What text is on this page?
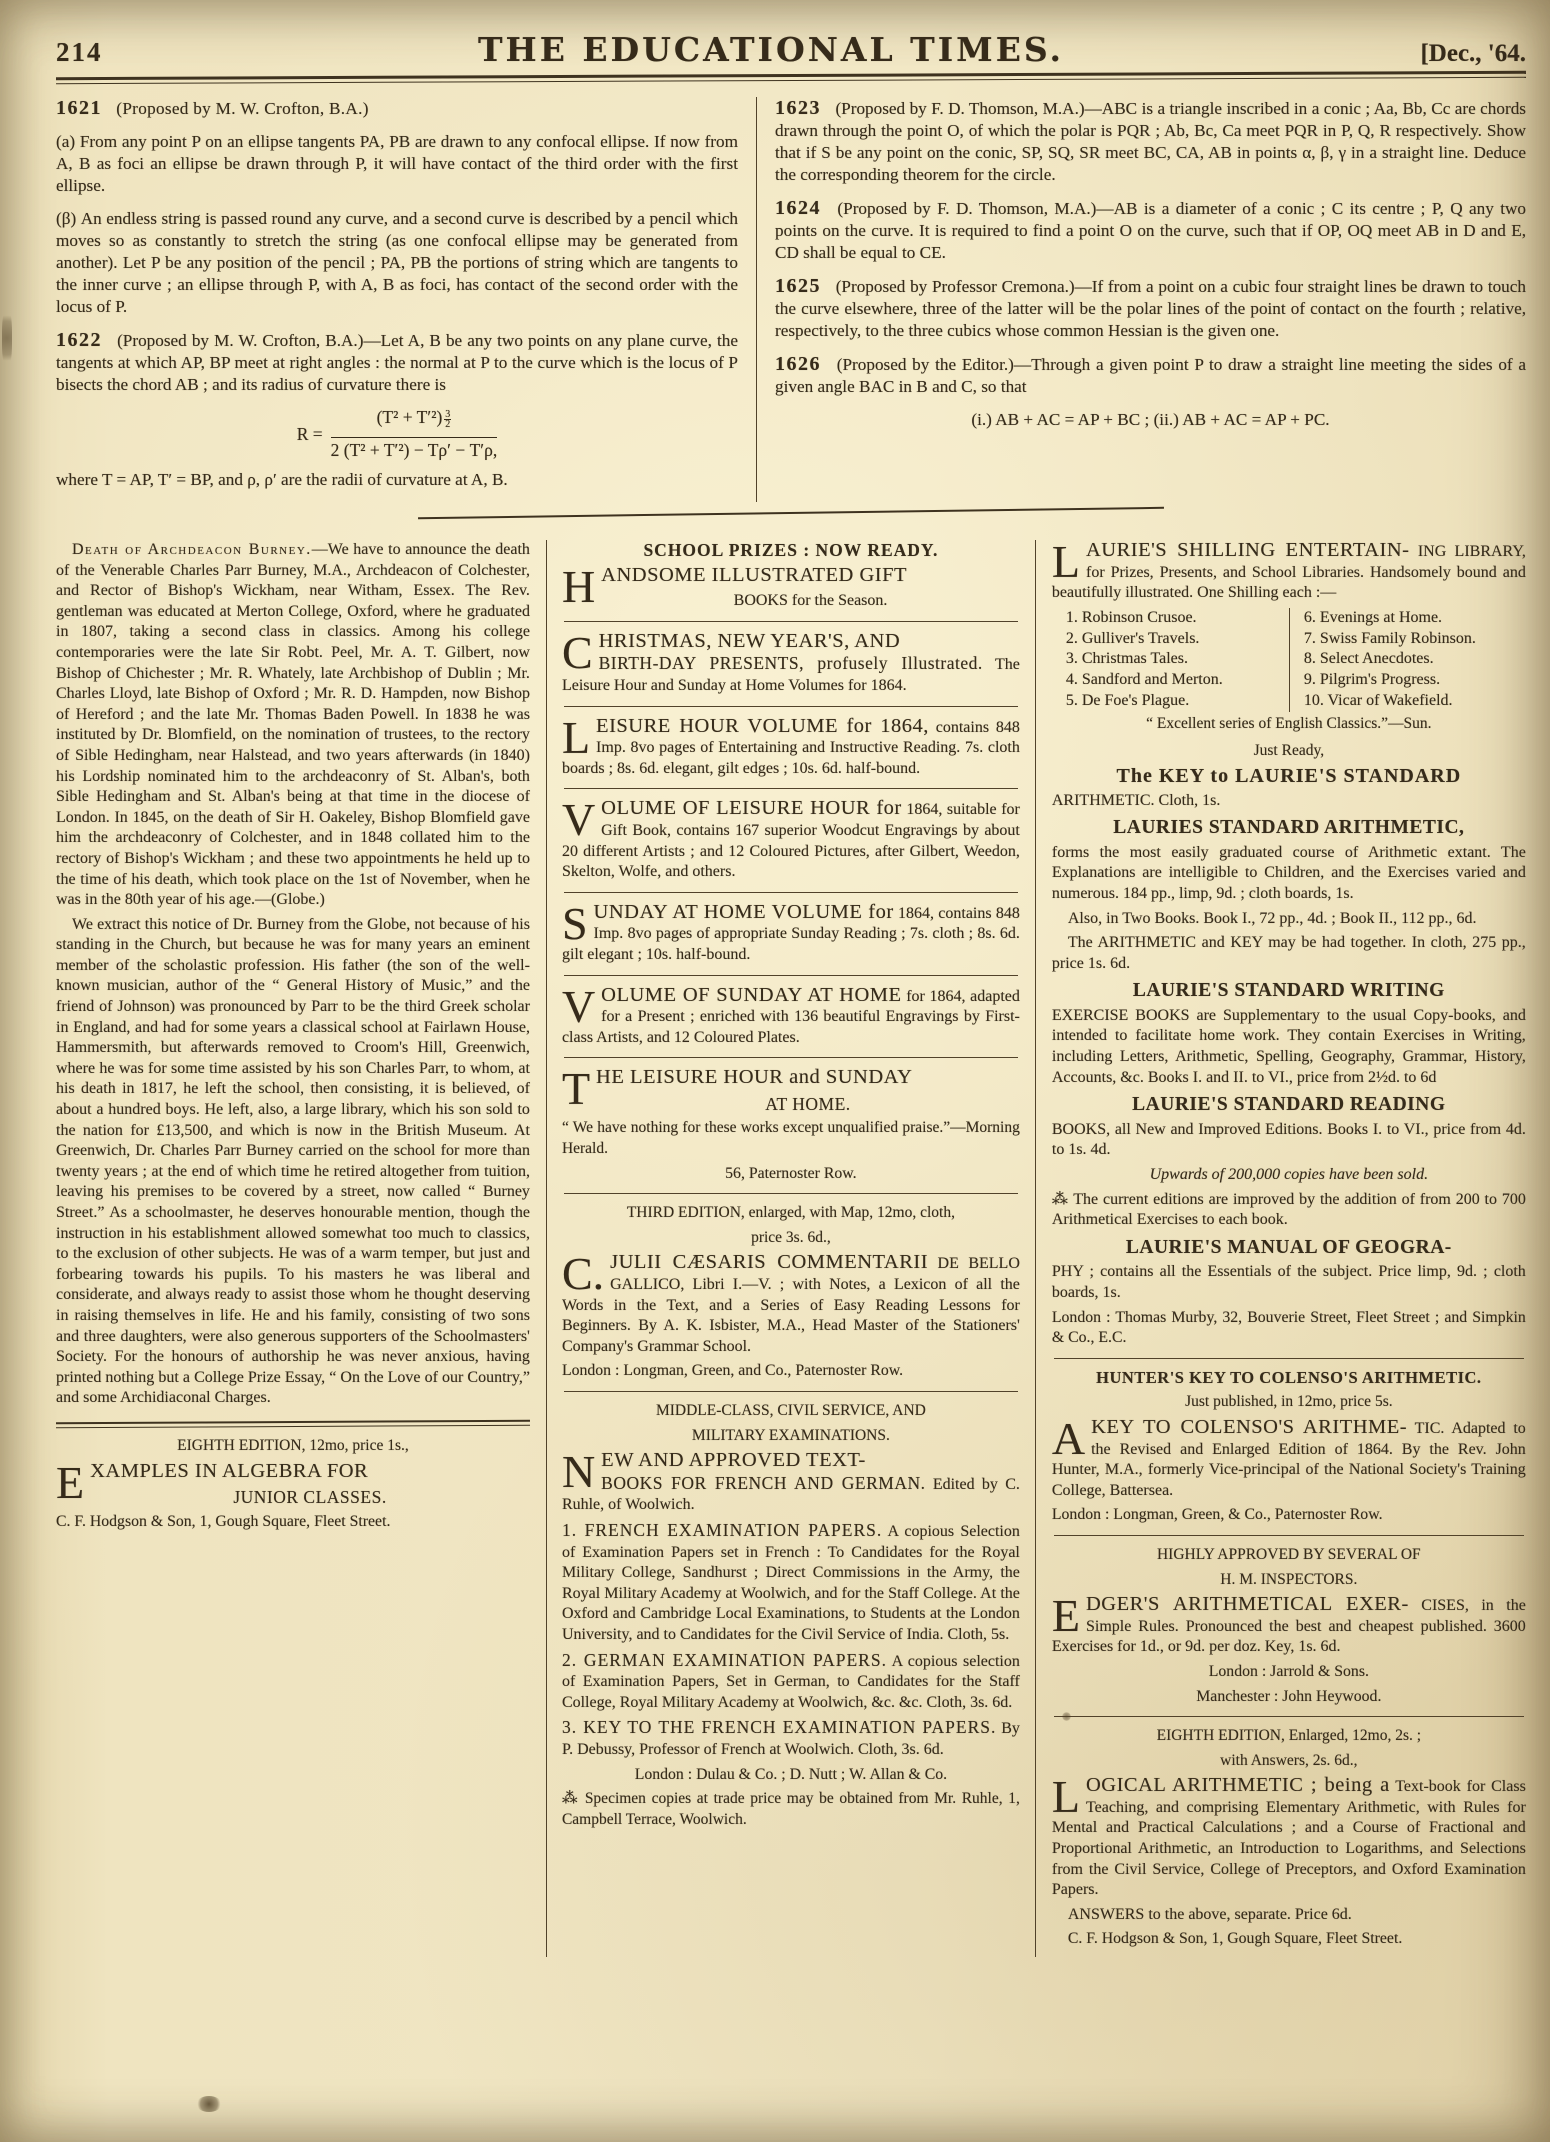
214	THE EDUCATIONAL TIMES.	[Dec., '64.

1621 (Proposed by M. W. Crofton, B.A.)

(a) From any point P on an ellipse tangents PA, PB are drawn to any confocal ellipse. If now from A, B as foci an ellipse be drawn through P, it will have contact of the third order with the first ellipse.

(β) An endless string is passed round any curve, and a second curve is described by a pencil which moves so as constantly to stretch the string (as one confocal ellipse may be generated from another). Let P be any position of the pencil ; PA, PB the portions of string which are tangents to the inner curve ; an ellipse through P, with A, B as foci, has contact of the second order with the locus of P.

1622 (Proposed by M. W. Crofton, B.A.)—Let A, B be any two points on any plane curve, the tangents at which AP, BP meet at right angles : the normal at P to the curve which is the locus of P bisects the chord AB ; and its radius of curvature there is

$R = \frac{(T^2 + T'^2) \frac{3}{2}}{\text{2 (T² + T′²) − Tρ′ − T′ρ,}}$

where T = AP, T′ = BP, and ρ, ρ′ are the radii of curvature at A, B.

1623 (Proposed by F. D. Thomson, M.A.)—ABC is a triangle inscribed in a conic ; Aa, Bb, Cc are chords drawn through the point O, of which the polar is PQR ; Ab, Bc, Ca meet PQR in P, Q, R respectively. Show that if S be any point on the conic, SP, SQ, SR meet BC, CA, AB in points α, β, γ in a straight line. Deduce the corresponding theorem for the circle.

1624 (Proposed by F. D. Thomson, M.A.)—AB is a diameter of a conic ; C its centre ; P, Q any two points on the curve. It is required to find a point O on the curve, such that if OP, OQ meet AB in D and E, CD shall be equal to CE.

1625 (Proposed by Professor Cremona.)—If from a point on a cubic four straight lines be drawn to touch the curve elsewhere, three of the latter will be the polar lines of the point of contact on the fourth ; relative, respectively, to the three cubics whose common Hessian is the given one.

1626 (Proposed by the Editor.)—Through a given point P to draw a straight line meeting the sides of a given angle BAC in B and C, so that

(i.) AB + AC = AP + BC ; (ii.) AB + AC = AP + PC.

Death of Archdeacon Burney.—We have to announce the death of the Venerable Charles Parr Burney, M.A., Archdeacon of Colchester, and Rector of Bishop's Wickham, near Witham, Essex. The Rev. gentleman was educated at Merton College, Oxford, where he graduated in 1807, taking a second class in classics. Among his college contemporaries were the late Sir Robt. Peel, Mr. A. T. Gilbert, now Bishop of Chichester ; Mr. R. Whately, late Archbishop of Dublin ; Mr. Charles Lloyd, late Bishop of Oxford ; Mr. R. D. Hampden, now Bishop of Hereford ; and the late Mr. Thomas Baden Powell. In 1838 he was instituted by Dr. Blomfield, on the nomination of trustees, to the rectory of Sible Hedingham, near Halstead, and two years afterwards (in 1840) his Lordship nominated him to the archdeaconry of St. Alban's, both Sible Hedingham and St. Alban's being at that time in the diocese of London. In 1845, on the death of Sir H. Oakeley, Bishop Blomfield gave him the archdeaconry of Colchester, and in 1848 collated him to the rectory of Bishop's Wickham ; and these two appointments he held up to the time of his death, which took place on the 1st of November, when he was in the 80th year of his age.—(Globe.)

We extract this notice of Dr. Burney from the Globe, not because of his standing in the Church, but because he was for many years an eminent member of the scholastic profession. His father (the son of the well-known musician, author of the “ General History of Music,” and the friend of Johnson) was pronounced by Parr to be the third Greek scholar in England, and had for some years a classical school at Fairlawn House, Hammersmith, but afterwards removed to Croom's Hill, Greenwich, where he was for some time assisted by his son Charles Parr, to whom, at his death in 1817, he left the school, then consisting, it is believed, of about a hundred boys. He left, also, a large library, which his son sold to the nation for £13,500, and which is now in the British Museum. At Greenwich, Dr. Charles Parr Burney carried on the school for more than twenty years ; at the end of which time he retired altogether from tuition, leaving his premises to be covered by a street, now called “ Burney Street.” As a schoolmaster, he deserves honourable mention, though the instruction in his establishment allowed somewhat too much to classics, to the exclusion of other subjects. He was of a warm temper, but just and forbearing towards his pupils. To his masters he was liberal and considerate, and always ready to assist those whom he thought deserving in raising themselves in life. He and his family, consisting of two sons and three daughters, were also generous supporters of the Schoolmasters' Society. For the honours of authorship he was never anxious, having printed nothing but a College Prize Essay, “ On the Love of our Country,” and some Archidiaconal Charges.

EIGHTH EDITION, 12mo, price 1s.,

E XAMPLES IN ALGEBRA FOR

JUNIOR CLASSES.

C. F. Hodgson & Son, 1, Gough Square, Fleet Street.

SCHOOL PRIZES : NOW READY.

H ANDSOME ILLUSTRATED GIFT

BOOKS for the Season.

C HRISTMAS, NEW YEAR'S, AND
BIRTH-DAY PRESENTS, profusely Illustrated. The Leisure Hour and Sunday at Home Volumes for 1864.

L EISURE HOUR VOLUME for 1864, contains 848 Imp. 8vo pages of Entertaining and Instructive Reading. 7s. cloth boards ; 8s. 6d. elegant, gilt edges ; 10s. 6d. half-bound.

V OLUME OF LEISURE HOUR for 1864, suitable for Gift Book, contains 167 superior Woodcut Engravings by about 20 different Artists ; and 12 Coloured Pictures, after Gilbert, Weedon, Skelton, Wolfe, and others.

S UNDAY AT HOME VOLUME for 1864, contains 848 Imp. 8vo pages of appropriate Sunday Reading ; 7s. cloth ; 8s. 6d. gilt elegant ; 10s. half-bound.

V OLUME OF SUNDAY AT HOME for 1864, adapted for a Present ; enriched with 136 beautiful Engravings by First-class Artists, and 12 Coloured Plates.

T HE LEISURE HOUR and SUNDAY

AT HOME.

“ We have nothing for these works except unqualified praise.”—Morning Herald.

56, Paternoster Row.

THIRD EDITION, enlarged, with Map, 12mo, cloth,

price 3s. 6d.,

C. JULII CÆSARIS COMMENTARII DE BELLO GALLICO, Libri I.—V. ; with Notes, a Lexicon of all the Words in the Text, and a Series of Easy Reading Lessons for Beginners. By A. K. Isbister, M.A., Head Master of the Stationers' Company's Grammar School.

London : Longman, Green, and Co., Paternoster Row.

MIDDLE-CLASS, CIVIL SERVICE, AND

MILITARY EXAMINATIONS.

N EW AND APPROVED TEXT-
BOOKS FOR FRENCH AND GERMAN. Edited by C. Ruhle, of Woolwich.

1. FRENCH EXAMINATION PAPERS. A copious Selection of Examination Papers set in French : To Candidates for the Royal Military College, Sandhurst ; Direct Commissions in the Army, the Royal Military Academy at Woolwich, and for the Staff College. At the Oxford and Cambridge Local Examinations, to Students at the London University, and to Candidates for the Civil Service of India. Cloth, 5s.

2. GERMAN EXAMINATION PAPERS. A copious selection of Examination Papers, Set in German, to Candidates for the Staff College, Royal Military Academy at Woolwich, &c. &c. Cloth, 3s. 6d.

3. KEY TO THE FRENCH EXAMINATION PAPERS. By P. Debussy, Professor of French at Woolwich. Cloth, 3s. 6d.

London : Dulau & Co. ; D. Nutt ; W. Allan & Co.

⁂ Specimen copies at trade price may be obtained from Mr. Ruhle, 1, Campbell Terrace, Woolwich.

L AURIE'S SHILLING ENTERTAIN- ING LIBRARY, for Prizes, Presents, and School Libraries. Handsomely bound and beautifully illustrated. One Shilling each :—

1. Robinson Crusoe.
2. Gulliver's Travels.
3. Christmas Tales.
4. Sandford and Merton.
5. De Foe's Plague.
6. Evenings at Home.
7. Swiss Family Robinson.
8. Select Anecdotes.
9. Pilgrim's Progress.
10. Vicar of Wakefield.

“ Excellent series of English Classics.”—Sun.

Just Ready,

The KEY to LAURIE'S STANDARD

ARITHMETIC. Cloth, 1s.

LAURIES STANDARD ARITHMETIC,

forms the most easily graduated course of Arithmetic extant. The Explanations are intelligible to Children, and the Exercises varied and numerous. 184 pp., limp, 9d. ; cloth boards, 1s.

Also, in Two Books. Book I., 72 pp., 4d. ; Book II., 112 pp., 6d.

The ARITHMETIC and KEY may be had together. In cloth, 275 pp., price 1s. 6d.

LAURIE'S STANDARD WRITING

EXERCISE BOOKS are Supplementary to the usual Copy-books, and intended to facilitate home work. They contain Exercises in Writing, including Letters, Arithmetic, Spelling, Geography, Grammar, History, Accounts, &c. Books I. and II. to VI., price from 2½d. to 6d

LAURIE'S STANDARD READING

BOOKS, all New and Improved Editions. Books I. to VI., price from 4d. to 1s. 4d.

Upwards of 200,000 copies have been sold.

⁂ The current editions are improved by the addition of from 200 to 700 Arithmetical Exercises to each book.

LAURIE'S MANUAL OF GEOGRA-

PHY ; contains all the Essentials of the subject. Price limp, 9d. ; cloth boards, 1s.

London : Thomas Murby, 32, Bouverie Street, Fleet Street ; and Simpkin & Co., E.C.

HUNTER'S KEY TO COLENSO'S ARITHMETIC.

Just published, in 12mo, price 5s.

A KEY TO COLENSO'S ARITHME- TIC. Adapted to the Revised and Enlarged Edition of 1864. By the Rev. John Hunter, M.A., formerly Vice-principal of the National Society's Training College, Battersea.

London : Longman, Green, & Co., Paternoster Row.

HIGHLY APPROVED BY SEVERAL OF

H. M. INSPECTORS.

E DGER'S ARITHMETICAL EXER- CISES, in the Simple Rules. Pronounced the best and cheapest published. 3600 Exercises for 1d., or 9d. per doz. Key, 1s. 6d.

London : Jarrold & Sons.

Manchester : John Heywood.

EIGHTH EDITION, Enlarged, 12mo, 2s. ;

with Answers, 2s. 6d.,

L OGICAL ARITHMETIC ; being a Text-book for Class Teaching, and comprising Elementary Arithmetic, with Rules for Mental and Practical Calculations ; and a Course of Fractional and Proportional Arithmetic, an Introduction to Logarithms, and Selections from the Civil Service, College of Preceptors, and Oxford Examination Papers.

ANSWERS to the above, separate. Price 6d.

C. F. Hodgson & Son, 1, Gough Square, Fleet Street.
